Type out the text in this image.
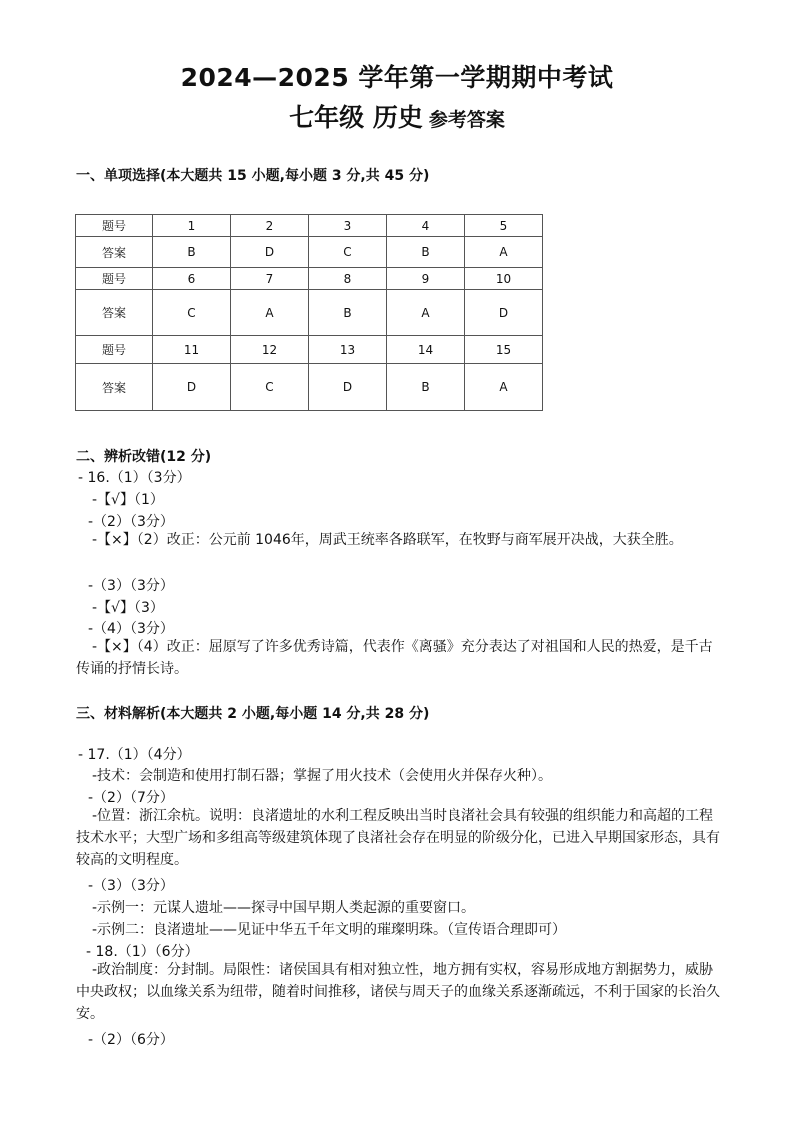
2024—2025 学年第一学期期中考试
七年级 历史 参考答案
一、单项选择(本大题共 15 小题,每小题 3 分,共 45 分)
题号	1	2	3	4	5
答案	B	D	C	B	A
题号	6	7	8	9	10
答案	C	A	B	A	D
题号	11	12	13	14	15
答案	D	C	D	B	A
二、辨析改错(12 分)
- 16.（1）（3分）
-【√】（1）
-（2）（3分）
-【×】（2）改正：公元前 1046年，周武王统率各路联军，在牧野与商军展开决战，大获全胜。
-（3）（3分）
-【√】（3）
-（4）（3分）
-【×】（4）改正：屈原写了许多优秀诗篇，代表作《离骚》充分表达了对祖国和人民的热爱，是千古传诵的抒情长诗。
三、材料解析(本大题共 2 小题,每小题 14 分,共 28 分)
- 17.（1）（4分）
-技术：会制造和使用打制石器；掌握了用火技术（会使用火并保存火种）。
-（2）（7分）
-位置：浙江余杭。说明：良渚遗址的水利工程反映出当时良渚社会具有较强的组织能力和高超的工程技术水平；大型广场和多组高等级建筑体现了良渚社会存在明显的阶级分化，已进入早期国家形态，具有较高的文明程度。
-（3）（3分）
-示例一：元谋人遗址——探寻中国早期人类起源的重要窗口。
-示例二：良渚遗址——见证中华五千年文明的璀璨明珠。（宣传语合理即可）
- 18.（1）（6分）
-政治制度：分封制。局限性：诸侯国具有相对独立性，地方拥有实权，容易形成地方割据势力，威胁中央政权；以血缘关系为纽带，随着时间推移，诸侯与周天子的血缘关系逐渐疏远，不利于国家的长治久安。
-（2）（6分）
